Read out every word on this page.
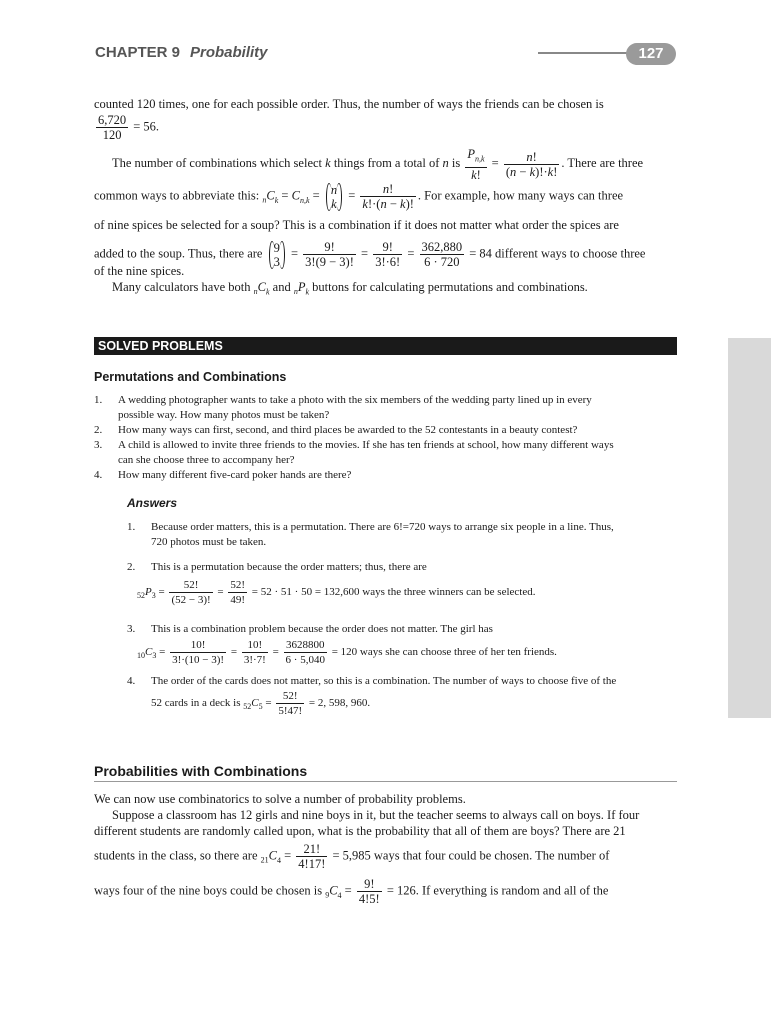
CHAPTER 9 Probability	127
counted 120 times, one for each possible order. Thus, the number of ways the friends can be chosen is
$\frac{6,720}{120} = 56$.
The number of combinations which select k things from a total of n is $\frac{P_{n,k}}{k!} = \frac{n!}{(n - k)!\cdot k!}$ . There are three
common ways to abbreviate this: $_nC_k = C_{n,k} = n$
k
= $\frac{n!}{k!\cdot(n - k)!}$ . For example, how many ways can three
of nine spices be selected for a soup? This is a combination if it does not matter what order the spices are
added to the soup. Thus, there are 9
3
= $\frac{9!}{3!(9 - 3)!} = \frac{9!}{3!\cdot 6!} = \frac{362,880}{6 \cdot 720} = 84$ different ways to choose three
of the nine spices.
Many calculators have both $_nC_k$ and $_nP_k$ buttons for calculating permutations and combinations.
SOLVED PROBLEMS
Permutations and Combinations
1. A wedding photographer wants to take a photo with the six members of the wedding party lined up in every
possible way. How many photos must be taken?
2. How many ways can first, second, and third places be awarded to the 52 contestants in a beauty contest?
3. A child is allowed to invite three friends to the movies. If she has ten friends at school, how many different ways
can she choose three to accompany her?
4. How many different five-card poker hands are there?
Answers
1. Because order matters, this is a permutation. There are 6!=720 ways to arrange six people in a line. Thus,
720 photos must be taken.
2. This is a permutation because the order matters; thus, there are
$_{52}P_3 = \frac{52!}{(52 - 3)!} = \frac{52!}{49!} = 52 \cdot 51 \cdot 50 = 132,600$ ways the three winners can be selected.
3. This is a combination problem because the order does not matter. The girl has
$_{10}C_3 = \frac{10!}{3!\cdot(10 - 3)!} = \frac{10!}{3!\cdot 7!} = \frac{3628800}{6 \cdot 5,040} = 120$ ways she can choose three of her ten friends.
4. The order of the cards does not matter, so this is a combination. The number of ways to choose five of the
52 cards in a deck is $_{52}C_5 = \frac{52!}{5!47!} = 2$, 598, 960.
Probabilities with Combinations
We can now use combinatorics to solve a number of probability problems.
Suppose a classroom has 12 girls and nine boys in it, but the teacher seems to always call on boys. If four
different students are randomly called upon, what is the probability that all of them are boys? There are 21
students in the class, so there are $_{21}C_4 = \frac{21!}{4!17!} = 5,985$ ways that four could be chosen. The number of
ways four of the nine boys could be chosen is $_9C_4 = \frac{9!}{4!5!} = 126$. If everything is random and all of the
